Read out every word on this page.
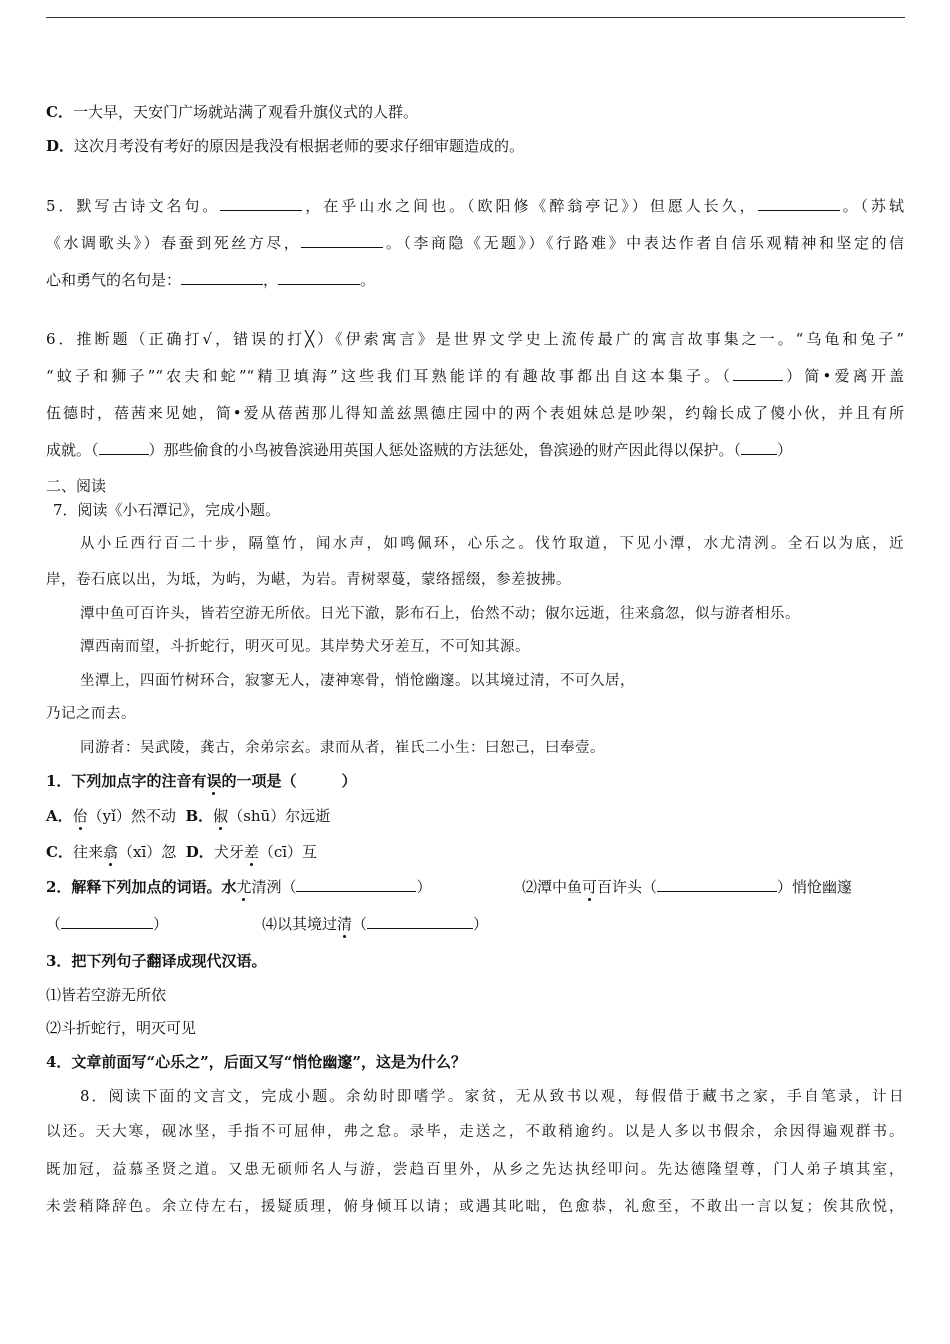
C．一大早，天安门广场就站满了观看升旗仪式的人群。
D．这次月考没有考好的原因是我没有根据老师的要求仔细审题造成的。
5．默写古诗文名句。	，在乎山水之间也。（欧阳修《醉翁亭记》）但愿人长久，	。（苏轼
《水调歌头》）春蚕到死丝方尽，	。（李商隐《无题》）《行路难》中表达作者自信乐观精神和坚定的信
心和勇气的名句是：	，	。
6．推断题（正确打√，错误的打╳）《伊索寓言》是世界文学史上流传最广的寓言故事集之一。“乌龟和兔子”
“蚊子和狮子”“农夫和蛇”“精卫填海”这些我们耳熟能详的有趣故事都出自这本集子。（	）简•爱离开盖
伍德时，蓓茜来见她，简•爱从蓓茜那儿得知盖兹黑德庄园中的两个表姐妹总是吵架，约翰长成了傻小伙，并且有所
成就。（	）那些偷食的小鸟被鲁滨逊用英国人惩处盗贼的方法惩处，鲁滨逊的财产因此得以保护。（ ）
二、阅读
7．阅读《小石潭记》，完成小题。
从小丘西行百二十步，隔篁竹，闻水声，如鸣佩环，心乐之。伐竹取道，下见小潭，水尤清洌。全石以为底，近
岸，卷石底以出，为坻，为屿，为嵁，为岩。青树翠蔓，蒙络摇缀，参差披拂。
潭中鱼可百许头，皆若空游无所依。日光下澈，影布石上，佁然不动；俶尔远逝，往来翕忽，似与游者相乐。
潭西南而望，斗折蛇行，明灭可见。其岸势犬牙差互，不可知其源。
坐潭上，四面竹树环合，寂寥无人，凄神寒骨，悄怆幽邃。以其境过清，不可久居，
乃记之而去。
同游者：吴武陵，龚古，余弟宗玄。隶而从者，崔氏二小生：曰恕己，曰奉壹。
1．下列加点字的注音有误的一项是（　　　）
A．佁（yǐ）然不动 B．俶（shū）尔远逝
C．往来翕（xī）忽 D．犬牙差（cī）互
2．解释下列加点的词语。水尤清洌（	）	⑵潭中鱼可百许头（	）悄怆幽邃
（	）	⑷以其境过清（	）
3．把下列句子翻译成现代汉语。
⑴皆若空游无所依
⑵斗折蛇行，明灭可见
4．文章前面写“心乐之”，后面又写“悄怆幽邃”，这是为什么？
8．阅读下面的文言文，完成小题。余幼时即嗜学。家贫，无从致书以观，每假借于藏书之家，手自笔录，计日
以还。天大寒，砚冰坚，手指不可屈伸，弗之怠。录毕，走送之，不敢稍逾约。以是人多以书假余，余因得遍观群书。
既加冠，益慕圣贤之道。又患无硕师名人与游，尝趋百里外，从乡之先达执经叩问。先达德隆望尊，门人弟子填其室，
未尝稍降辞色。余立侍左右，援疑质理，俯身倾耳以请；或遇其叱咄，色愈恭，礼愈至，不敢出一言以复；俟其欣悦，
